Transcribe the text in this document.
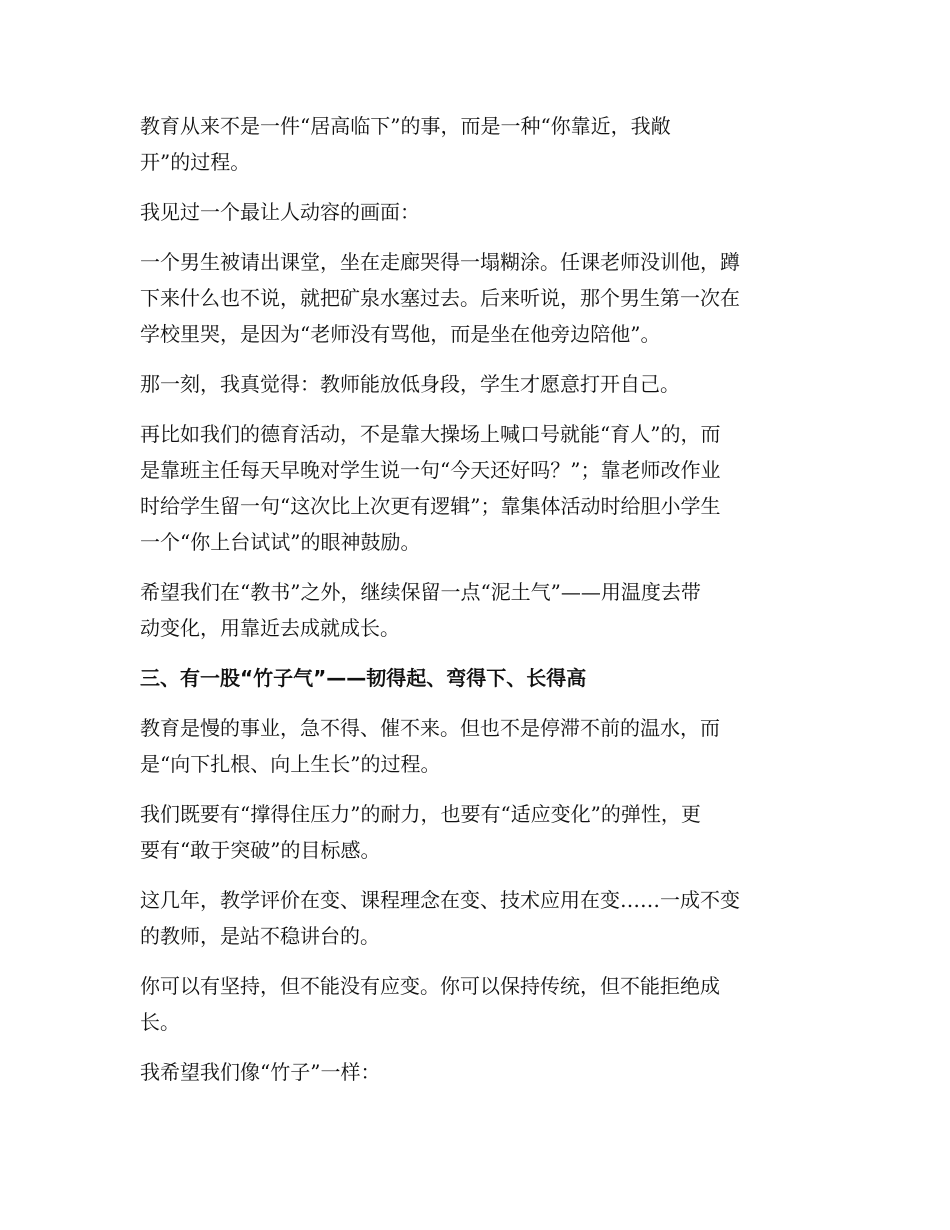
教育从来不是一件“居高临下”的事，而是一种“你靠近，我敞
开”的过程。

我见过一个最让人动容的画面：

一个男生被请出课堂，坐在走廊哭得一塌糊涂。任课老师没训他，蹲
下来什么也不说，就把矿泉水塞过去。后来听说，那个男生第一次在
学校里哭，是因为“老师没有骂他，而是坐在他旁边陪他”。

那一刻，我真觉得：教师能放低身段，学生才愿意打开自己。

再比如我们的德育活动，不是靠大操场上喊口号就能“育人”的，而
是靠班主任每天早晚对学生说一句“今天还好吗？”；靠老师改作业
时给学生留一句“这次比上次更有逻辑”；靠集体活动时给胆小学生
一个“你上台试试”的眼神鼓励。

希望我们在“教书”之外，继续保留一点“泥土气”——用温度去带
动变化，用靠近去成就成长。

三、有一股“竹子气”——韧得起、弯得下、长得高

教育是慢的事业，急不得、催不来。但也不是停滞不前的温水，而
是“向下扎根、向上生长”的过程。

我们既要有“撑得住压力”的耐力，也要有“适应变化”的弹性，更
要有“敢于突破”的目标感。

这几年，教学评价在变、课程理念在变、技术应用在变……一成不变
的教师，是站不稳讲台的。

你可以有坚持，但不能没有应变。你可以保持传统，但不能拒绝成
长。

我希望我们像“竹子”一样：
